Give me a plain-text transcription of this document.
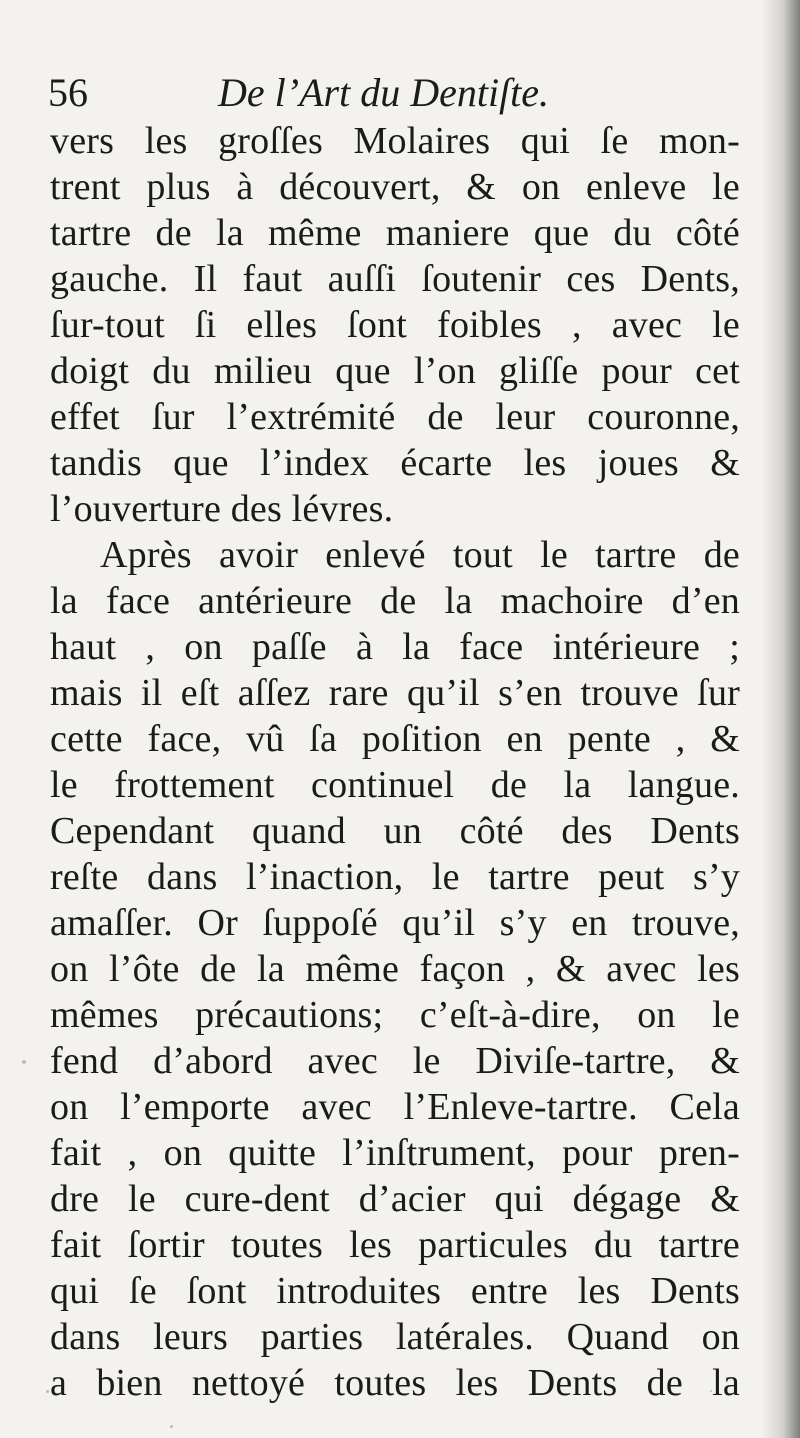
56	De l’Art du Dentiſte.
vers les groſſes Molaires qui ſe mon-
trent plus à découvert, & on enleve le
tartre de la même maniere que du côté
gauche. Il faut auſſi ſoutenir ces Dents,
ſur-tout ſi elles ſont foibles , avec le
doigt du milieu que l’on gliſſe pour cet
effet ſur l’extrémité de leur couronne,
tandis que l’index écarte les joues &
l’ouverture des lévres.
Après avoir enlevé tout le tartre de
la face antérieure de la machoire d’en
haut , on paſſe à la face intérieure ;
mais il eſt aſſez rare qu’il s’en trouve ſur
cette face, vû ſa poſition en pente , &
le frottement continuel de la langue.
Cependant quand un côté des Dents
reſte dans l’inaction, le tartre peut s’y
amaſſer. Or ſuppoſé qu’il s’y en trouve,
on l’ôte de la même façon , & avec les
mêmes précautions; c’eſt-à-dire, on le
fend d’abord avec le Diviſe-tartre, &
on l’emporte avec l’Enleve-tartre. Cela
fait , on quitte l’inſtrument, pour pren-
dre le cure-dent d’acier qui dégage &
fait ſortir toutes les particules du tartre
qui ſe ſont introduites entre les Dents
dans leurs parties latérales. Quand on
a bien nettoyé toutes les Dents de la
